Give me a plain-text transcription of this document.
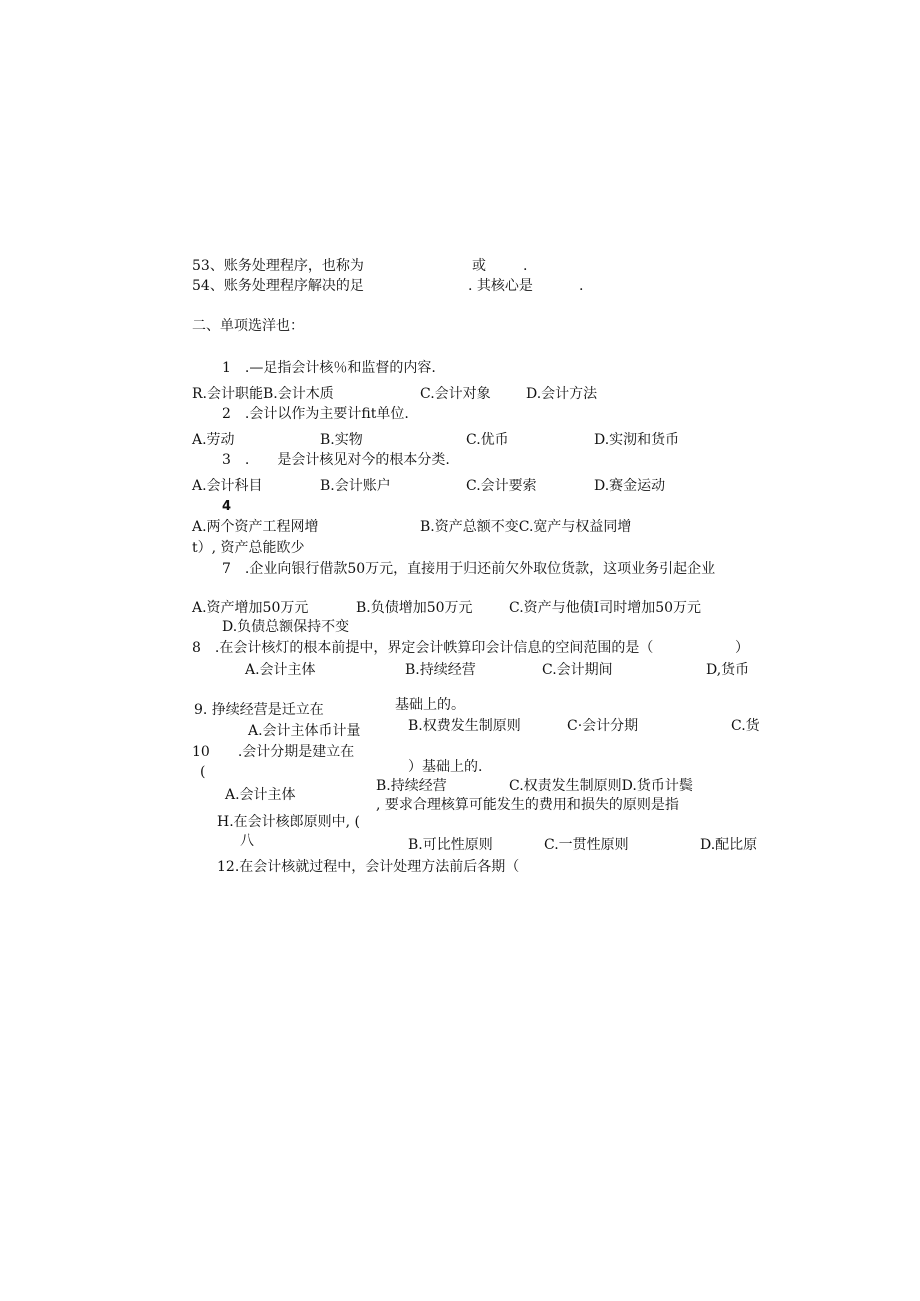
53、账务处理程序，也称为	或	.
54、账务处理程序解决的足	. 其核心是	.
二、单项选洋也：
1　.—足指会计核％和监督的内容.
R.会计职能B.会计木质	C.会计对象	D.会计方法
2　.会计以作为主要计fit单位.
A.劳动	B.实物	C.优币	D.实沏和货币
3　.　　是会计核见对今的根本分类.
A.会计科目	B.会计账户	C.会计要索	D.赛金运动
4
A.两个资产工程网增	B.资产总额不变C.宽产与权益同增
t）, 资产总能欧少
7　.企业向银行借款50万元，直接用于归还前欠外取位货款，这项业务引起企业
A.资产增加50万元	B.负债增加50万元	C.资产与他债I司时增加50万元
D.负债总额保持不变
8　.在会计核灯的根本前提中，界定会计帙算印会计信息的空间范围的是（	）
A.会计主体	B.持续经营	C.会计期间	D,货币
9. 挣续经营是迁立在	基础上的。
A.会计主体币计量	B.权费发生制原则	C·会计分期	C.货
10　　.会计分期是建立在
(	）基础上的.
A.会计主体
B.持续经营	C.权责发生制原则D.货币计鬓
, 要求合理核算可能发生的费用和损失的原则是指
H.在会计核郎原则中, (
八	B.可比性原则	C.一贯性原则	D.配比原
12.在会计核就过程中，会计处理方法前后各期（
